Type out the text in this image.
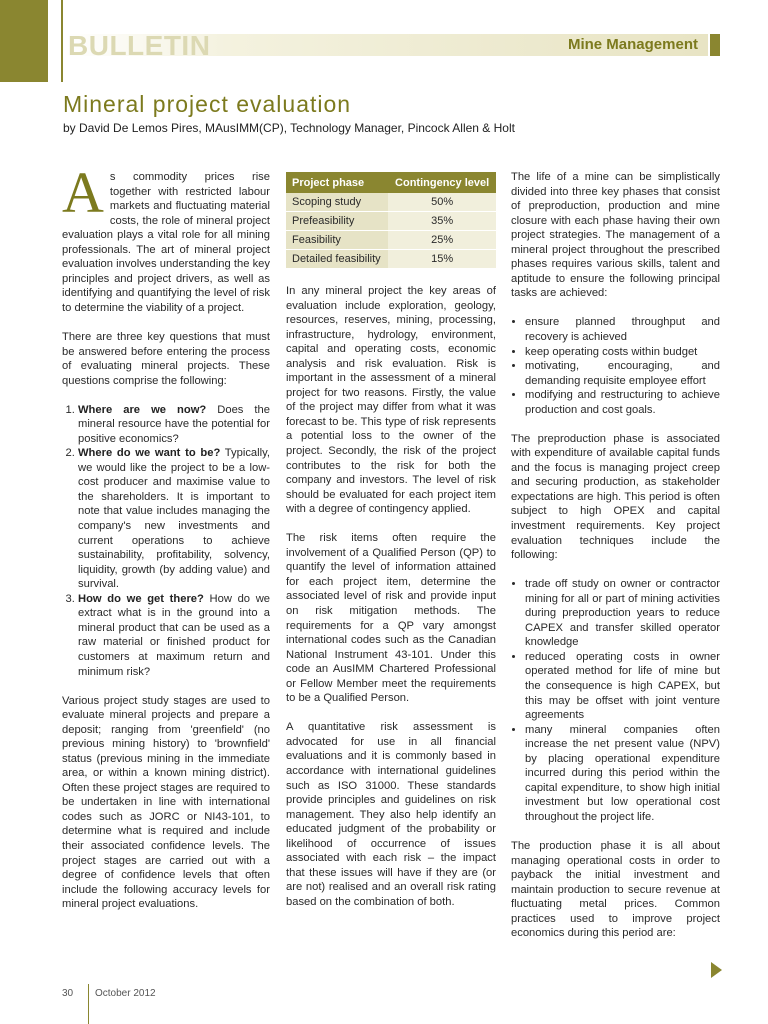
BULLETIN	Mine Management
Mineral project evaluation
by David De Lemos Pires, MAusIMM(CP), Technology Manager, Pincock Allen & Holt

As commodity prices rise together with restricted labour markets and fluctuating material costs, the role of mineral project evaluation plays a vital role for all mining professionals. The art of mineral project evaluation involves understanding the key principles and project drivers, as well as identifying and quantifying the level of risk to determine the viability of a project.

There are three key questions that must be answered before entering the process of evaluating mineral projects. These questions comprise the following:

1. Where are we now? Does the mineral resource have the potential for positive economics?
2. Where do we want to be? Typically, we would like the project to be a low-cost producer and maximise value to the shareholders. It is important to note that value includes managing the company's new investments and current operations to achieve sustainability, profitability, solvency, liquidity, growth (by adding value) and survival.
3. How do we get there? How do we extract what is in the ground into a mineral product that can be used as a raw material or finished product for customers at maximum return and minimum risk?

Various project study stages are used to evaluate mineral projects and prepare a deposit; ranging from 'greenfield' (no previous mining history) to 'brownfield' status (previous mining in the immediate area, or within a known mining district). Often these project stages are required to be undertaken in line with international codes such as JORC or NI43-101, to determine what is required and include their associated confidence levels. The project stages are carried out with a degree of confidence levels that often include the following accuracy levels for mineral project evaluations.

Project phase	Contingency level
Scoping study	50%
Prefeasibility	35%
Feasibility	25%
Detailed feasibility	15%

In any mineral project the key areas of evaluation include exploration, geology, resources, reserves, mining, processing, infrastructure, hydrology, environment, capital and operating costs, economic analysis and risk evaluation. Risk is important in the assessment of a mineral project for two reasons. Firstly, the value of the project may differ from what it was forecast to be. This type of risk represents a potential loss to the owner of the project. Secondly, the risk of the project contributes to the risk for both the company and investors. The level of risk should be evaluated for each project item with a degree of contingency applied.

The risk items often require the involvement of a Qualified Person (QP) to quantify the level of information attained for each project item, determine the associated level of risk and provide input on risk mitigation methods. The requirements for a QP vary amongst international codes such as the Canadian National Instrument 43-101. Under this code an AusIMM Chartered Professional or Fellow Member meet the requirements to be a Qualified Person.

A quantitative risk assessment is advocated for use in all financial evaluations and it is commonly based in accordance with international guidelines such as ISO 31000. These standards provide principles and guidelines on risk management. They also help identify an educated judgment of the probability or likelihood of occurrence of issues associated with each risk – the impact that these issues will have if they are (or are not) realised and an overall risk rating based on the combination of both.

The life of a mine can be simplistically divided into three key phases that consist of preproduction, production and mine closure with each phase having their own project strategies. The management of a mineral project throughout the prescribed phases requires various skills, talent and aptitude to ensure the following principal tasks are achieved:

• ensure planned throughput and recovery is achieved
• keep operating costs within budget
• motivating, encouraging, and demanding requisite employee effort
• modifying and restructuring to achieve production and cost goals.

The preproduction phase is associated with expenditure of available capital funds and the focus is managing project creep and securing production, as stakeholder expectations are high. This period is often subject to high OPEX and capital investment requirements. Key project evaluation techniques include the following:

• trade off study on owner or contractor mining for all or part of mining activities during preproduction years to reduce CAPEX and transfer skilled operator knowledge
• reduced operating costs in owner operated method for life of mine but the consequence is high CAPEX, but this may be offset with joint venture agreements
• many mineral companies often increase the net present value (NPV) by placing operational expenditure incurred during this period within the capital expenditure, to show high initial investment but low operational cost throughout the project life.

The production phase it is all about managing operational costs in order to payback the initial investment and maintain production to secure revenue at fluctuating metal prices. Common practices used to improve project economics during this period are:

30 October 2012
